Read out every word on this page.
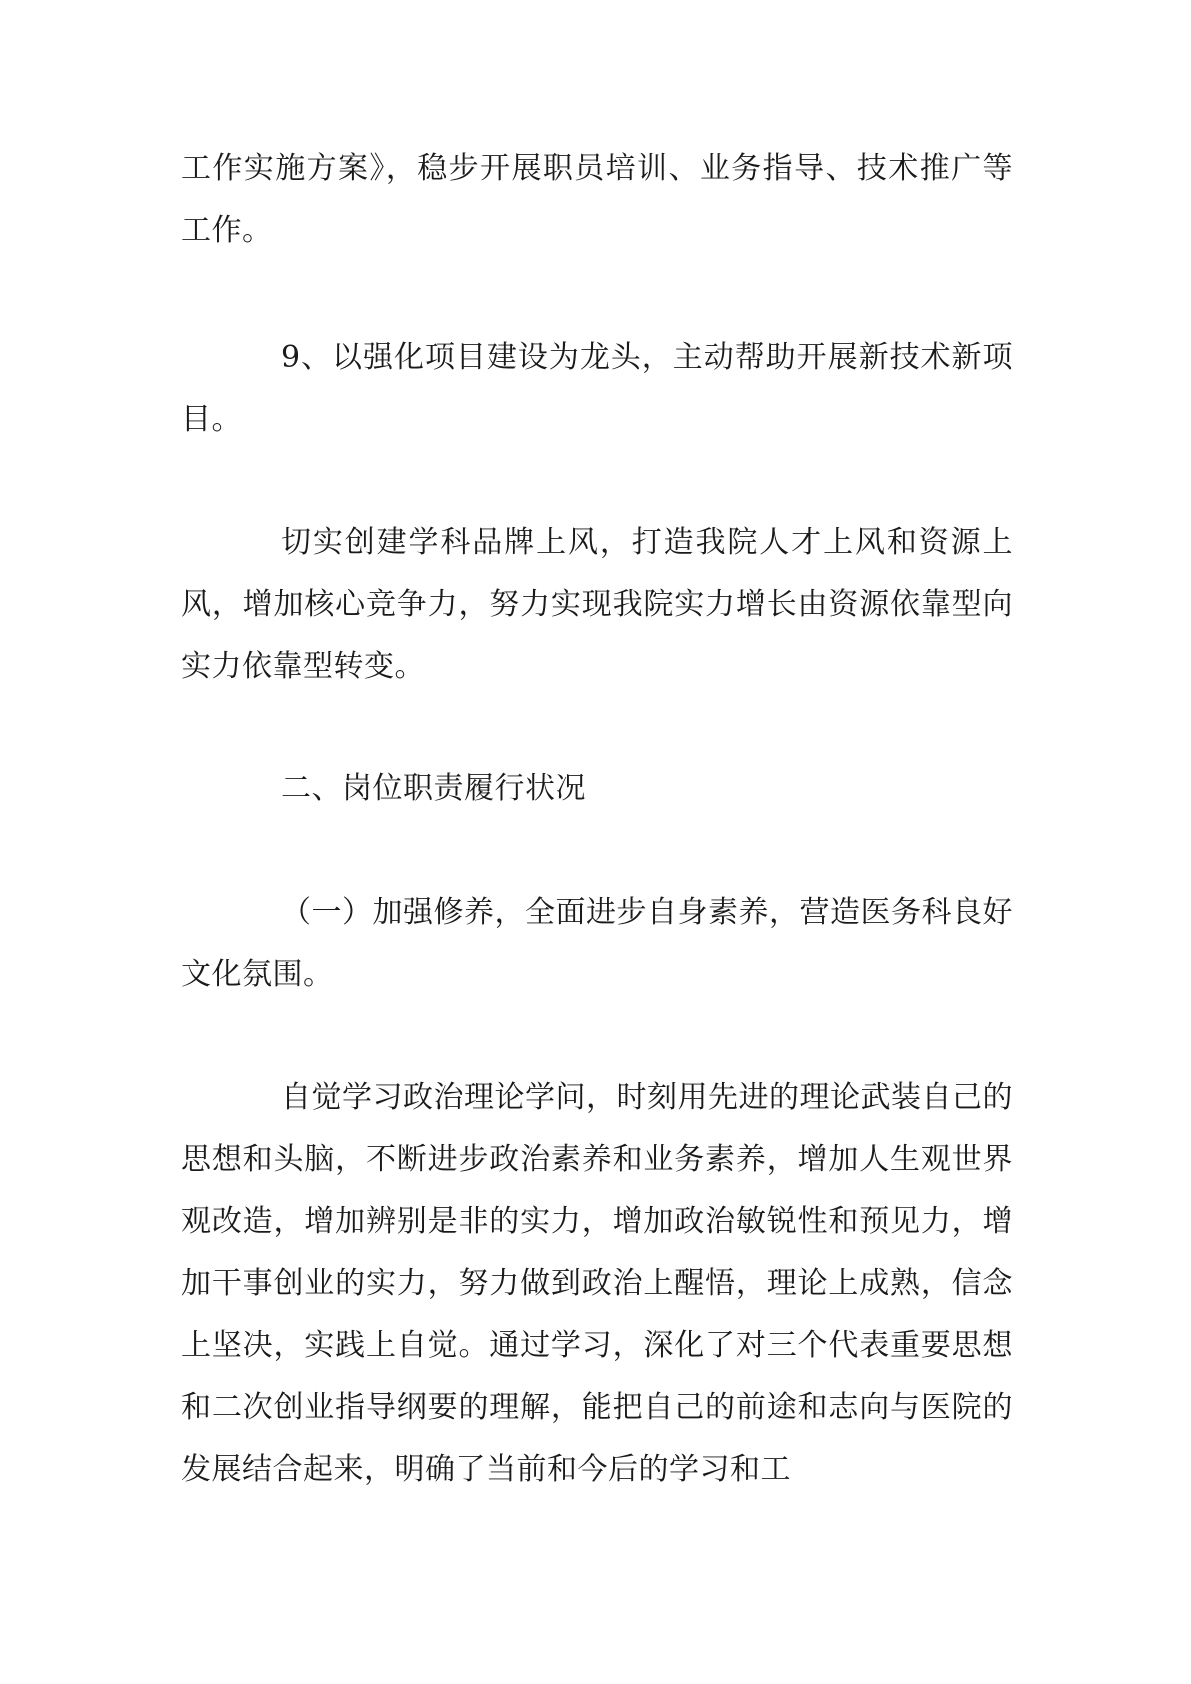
工作实施方案》，稳步开展职员培训、业务指导、技术推广等工作。

9、以强化项目建设为龙头，主动帮助开展新技术新项目。

切实创建学科品牌上风，打造我院人才上风和资源上风，增加核心竞争力，努力实现我院实力增长由资源依靠型向实力依靠型转变。

二、岗位职责履行状况

（一）加强修养，全面进步自身素养，营造医务科良好文化氛围。

自觉学习政治理论学问，时刻用先进的理论武装自己的思想和头脑，不断进步政治素养和业务素养，增加人生观世界观改造，增加辨别是非的实力，增加政治敏锐性和预见力，增加干事创业的实力，努力做到政治上醒悟，理论上成熟，信念上坚决，实践上自觉。通过学习，深化了对三个代表重要思想和二次创业指导纲要的理解，能把自己的前途和志向与医院的发展结合起来，明确了当前和今后的学习和工
